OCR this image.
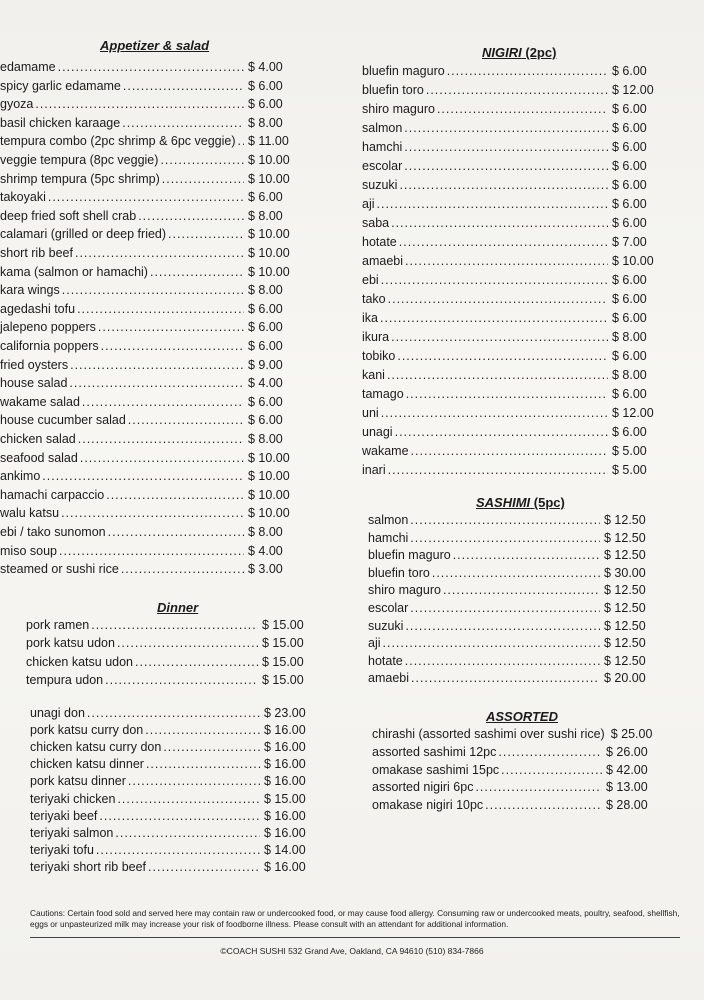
Appetizer & salad
edamame .....	$ 4.00
spicy garlic edamame .....	$ 6.00
gyoza .....	$ 6.00
basil chicken karaage .....	$ 8.00
tempura combo (2pc shrimp & 6pc veggie) ..... $ 11.00
veggie tempura (8pc veggie) .....	$ 10.00
shrimp tempura (5pc shrimp) .....	$ 10.00
takoyaki .....	$ 6.00
deep fried soft shell crab .....	$ 8.00
calamari (grilled or deep fried) .....	$ 10.00
short rib beef .....	$ 10.00
kama (salmon or hamachi) .....	$ 10.00
kara wings .....	$ 8.00
agedashi tofu .....	$ 6.00
jalepeno poppers .....	$ 6.00
california poppers .....	$ 6.00
fried oysters .....	$ 9.00
house salad .....	$ 4.00
wakame salad .....	$ 6.00
house cucumber salad .....	$ 6.00
chicken salad .....	$ 8.00
seafood salad .....	$ 10.00
ankimo .....	$ 10.00
hamachi carpaccio .....	$ 10.00
walu katsu .....	$ 10.00
ebi / tako sunomon .....	$ 8.00
miso soup .....	$ 4.00
steamed or sushi rice .....	$ 3.00
Dinner
pork ramen .....	$ 15.00
pork katsu udon .....	$ 15.00
chicken katsu udon .....	$ 15.00
tempura udon .....	$ 15.00
unagi don .....	$ 23.00
pork katsu curry don .....	$ 16.00
chicken katsu curry don .....	$ 16.00
chicken katsu dinner .....	$ 16.00
pork katsu dinner .....	$ 16.00
teriyaki chicken .....	$ 15.00
teriyaki beef .....	$ 16.00
teriyaki salmon .....	$ 16.00
teriyaki tofu .....	$ 14.00
teriyaki short rib beef .....	$ 16.00
NIGIRI (2pc)
bluefin maguro .....	$ 6.00
bluefin toro .....	$ 12.00
shiro maguro .....	$ 6.00
salmon .....	$ 6.00
hamchi .....	$ 6.00
escolar .....	$ 6.00
suzuki .....	$ 6.00
aji .....	$ 6.00
saba .....	$ 6.00
hotate .....	$ 7.00
amaebi .....	$ 10.00
ebi .....	$ 6.00
tako .....	$ 6.00
ika .....	$ 6.00
ikura .....	$ 8.00
tobiko .....	$ 6.00
kani .....	$ 8.00
tamago .....	$ 6.00
uni .....	$ 12.00
unagi .....	$ 6.00
wakame .....	$ 5.00
inari .....	$ 5.00
SASHIMI (5pc)
salmon .....	$ 12.50
hamchi .....	$ 12.50
bluefin maguro .....	$ 12.50
bluefin toro .....	$ 30.00
shiro maguro .....	$ 12.50
escolar .....	$ 12.50
suzuki .....	$ 12.50
aji .....	$ 12.50
hotate .....	$ 12.50
amaebi .....	$ 20.00
ASSORTED
chirashi (assorted sashimi over sushi rice) $ 25.00
assorted sashimi 12pc .....	$ 26.00
omakase sashimi 15pc .....	$ 42.00
assorted nigiri 6pc .....	$ 13.00
omakase nigiri 10pc .....	$ 28.00
Cautions: Certain food sold and served here may contain raw or undercooked food, or may cause food allergy. Consuming raw or undercooked meats, poultry, seafood, shellfish, eggs or unpasteurized milk may increase your risk of foodborne illness. Please consult with an attendant for additional information.
©COACH SUSHI 532 Grand Ave, Oakland, CA 94610 (510) 834-7866
